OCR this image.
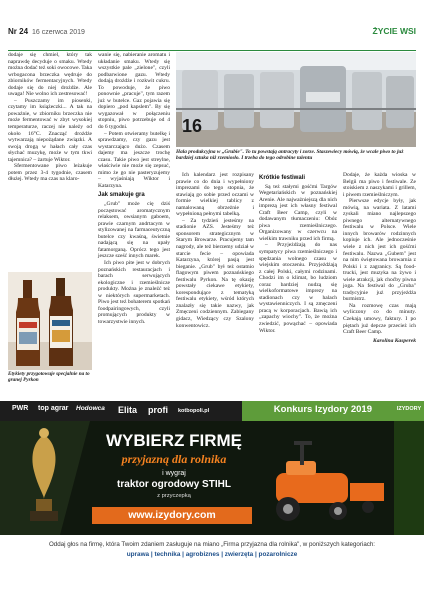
Nr 24 16 czerwca 2019	ŻYCIE WSI

dodaje się chmiel, który tak naprawdę decyduje o smaku. Wtedy można dodać też soki owocowe. Taka wrbogacona brzeczka wędruje do zbiorników fermentacyjnych. Wtedy dodaje się do niej drożdże. Ale uwaga! Nie wolno ich zestresować!

– Puszczamy im piosenki, czytamy im książeczki... A tak na poważnie, w zbiorniku brzeczka nie może fermentować w zbyt wysokiej temperaturze, raczej nie należy od około 16°C. Znacząć drożdże wytwarzają niepożądane związki. A swoją drogą w hałach cały czas słychać muzykę, może w tym tkwi tajemnica? – żartuje Wiktor.

Sfermentowane piwo leżakuje potem przez 3-4 tygodnie, czasem dłużej. Wtedy ma czas na klaro-

Etykiety przygotowuje specjalnie na to granej Pyrkon

wanie się, nabieranie aromatu i układanie smaku. Wtedy się wszystkie pale „zielone", czyli podbarwione gazu. Wtedy dodają drożdże i rozkwit cukru. To powoduje, że piwo ponownie „pracuje", tym razem już w butelce. Gaz pojawia się dopiero „pod kapslem". By się wygazował w połączeniu stopniu, piwo potrzebuje od 4 do 6 tygodni.

– Potem otwieramy butelkę i sprawdzamy, czy gazu jest wystarczająco dużo. Czasem dajemy ma jeszcze trochę czasu. Takie piwo jest streylne, właściwie nie może się zepsuć, mimo że go nie pasteryzujemy – wyjaśniają Wiktor i Katarzyna.

Jak smakuje gra

„Grub" może cię dziś poczęstować aromatycznym relaksem, owsianym gaboem, prawie czarnym andrtacym w stylizowanej na farmaceutyczną butelce czy kwaśną, świetnie nadającą się na upały fatamorganą. Oprócz tego jest jeszcze sześć innych marek.

Ich piwo pite jest w dobrych poznańskich restauracjach i barach serwujących ekologiczne i rzemieślnicze produkty. Można je znaleźć też w niektórych supermarketach. Piwo jest też bohaterem spotkań foodpairingowych, czyli promujących produkty w towarzystwie innych.

16
Hala produkcyjna w „Grubie". To tu powstają antracyty i zorze. Staszewiecy mówią, że wcale piwo to już bardziej sztuka niż rzemiosło. I trzeba do tego odrobine talentu

Ich kalendarz jest rozpisany prawie co do dnia i wypełniony imprezami do tego stopnia, że stawiają go sobie przed oczami w formie wielkiej tablicy z namalowaną obrzeżnie i wypełnioną pełnymi tabelką.

– Za tydzień jesteśmy na stadionie AZS. Jesteśmy też sponsorem strategicznym w Starym Browarze. Pracujemy tam nagrody, ale też bierzemy udział w starcie fecie – opowiada Katarzyna, której pasją jest bieganie. „Grub" był też ostatnio flagowym piwem poznańskiego festiwalu Pyrkon. Na tę okazję powstały ciekawe etykiety, korespondujące z tematyką festiwalu etykiety, wśród których znalazły się takie nazwy, jak Zmęczeni codziennym. Zabiegany gidacz, Wiedzący czy Szalony konwentowicz.

Krótkie festiwali

Są też stałymi gośćmi Targów Wegetariańskich w poznańskiej Arenie. Ale najważniejszą dla nich imprezą jest ich własny festiwal Craft Beer Camp, czyli w dodawanym tłumaczeniu: Obóz piwa rzemieślniczego. Organizowany w czerwcu na wielkim trawniku przed ich firmą.

– Przyjeżdżają do nas sympatycy piwa rzemieślniczego i spędzania wolnego czasu w wiejskim otoczeniu. Przyjeżdżają z całej Polski, całymi rodzinami. Chodzi im o klimat, bo ludziom coraz bardziej nudzą się wielkoformatowe imprezy na stadionach czy w halach wystawienniczych. I są zmęczeni pracą w korporacjach. Bawią ich „zapachy wiochy". To, że można zwiedzić, powąchać – opowiada Wiktor.

Dodaje, że każda wioska w Belgii ma piwo i festiwale. Ze stoiskiem z naszykami i grillem, i piwem rzemieślniczym.

Pierwsze edycje były, jak mówią, na wariata. Z latami zyskali miano najlepszego piwnego alternatywnego festiwalu w Polsce. Wiele innych browarów rodzinnych kopiuje ich. Ale jednocześnie wiele z nich jest ich gośćmi festiwalu. Nazwa „Gubem" jest na nim świętowana browarnia z Polski i z zagranicy. Są food-trucki, jest muzyka na żywo i wiele atrakcji, jak choćby piwna joga. Na festiwal do „Gruba" tradycyjnie już przyjeżdża burmistrz.

Na rozmowę czas mają wyliczony co do minuty. Czekają umowy, faktury. I po piętach już depcze przecież ich Craft Beer Camp.

Karolina Kasperek

PWR top agrar Hodowca Elita profi kotbopoli.pl	Konkurs Izydory 2019	IZYDORY
WYBIERZ FIRMĘ
przyjazną dla rolnika
i wygraj
traktor ogrodowy STIHL
z przyczepką
www.izydory.com
Oddaj głos na firmę, która Twoim zdaniem zasługuje na miano „Firma przyjazna dla rolnika", w poniższych kategoriach:
uprawa | technika | agrobiznes | zwierzęta | pozarolnicze
